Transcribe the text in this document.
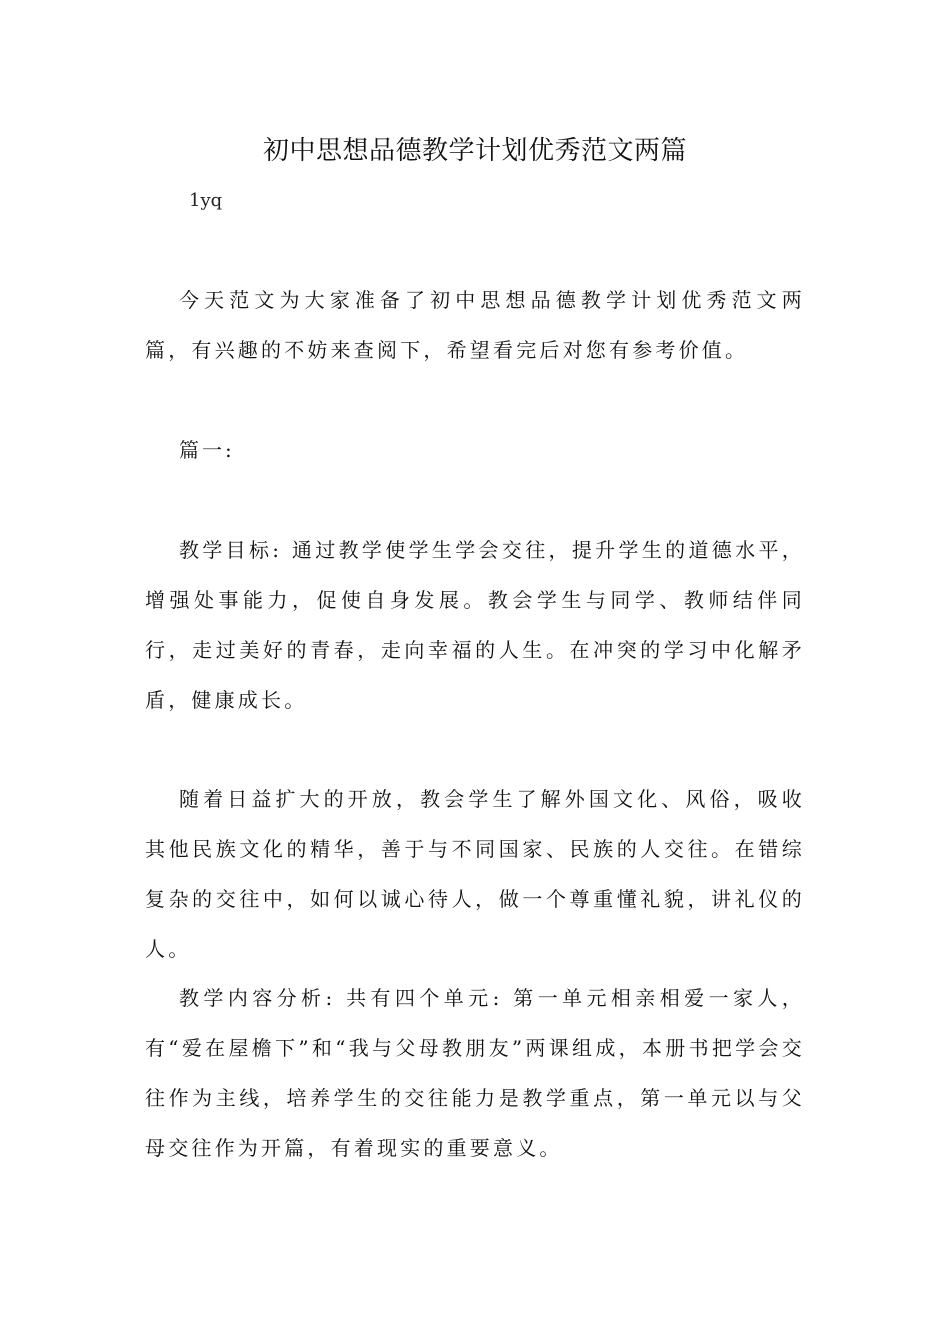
初中思想品德教学计划优秀范文两篇
1yq

今天范文为大家准备了初中思想品德教学计划优秀范文两篇，有兴趣的不妨来查阅下，希望看完后对您有参考价值。

篇一:

教学目标: 通过教学使学生学会交往，提升学生的道德水平，增强处事能力，促使自身发展。教会学生与同学、教师结伴同行，走过美好的青春，走向幸福的人生。在冲突的学习中化解矛盾，健康成长。

随着日益扩大的开放，教会学生了解外国文化、风俗，吸收其他民族文化的精华，善于与不同国家、民族的人交往。在错综复杂的交往中，如何以诚心待人，做一个尊重懂礼貌，讲礼仪的人。

教学内容分析: 共有四个单元: 第一单元相亲相爱一家人，有“爱在屋檐下”和“我与父母教朋友”两课组成，本册书把学会交往作为主线，培养学生的交往能力是教学重点，第一单元以与父母交往作为开篇，有着现实的重要意义。
